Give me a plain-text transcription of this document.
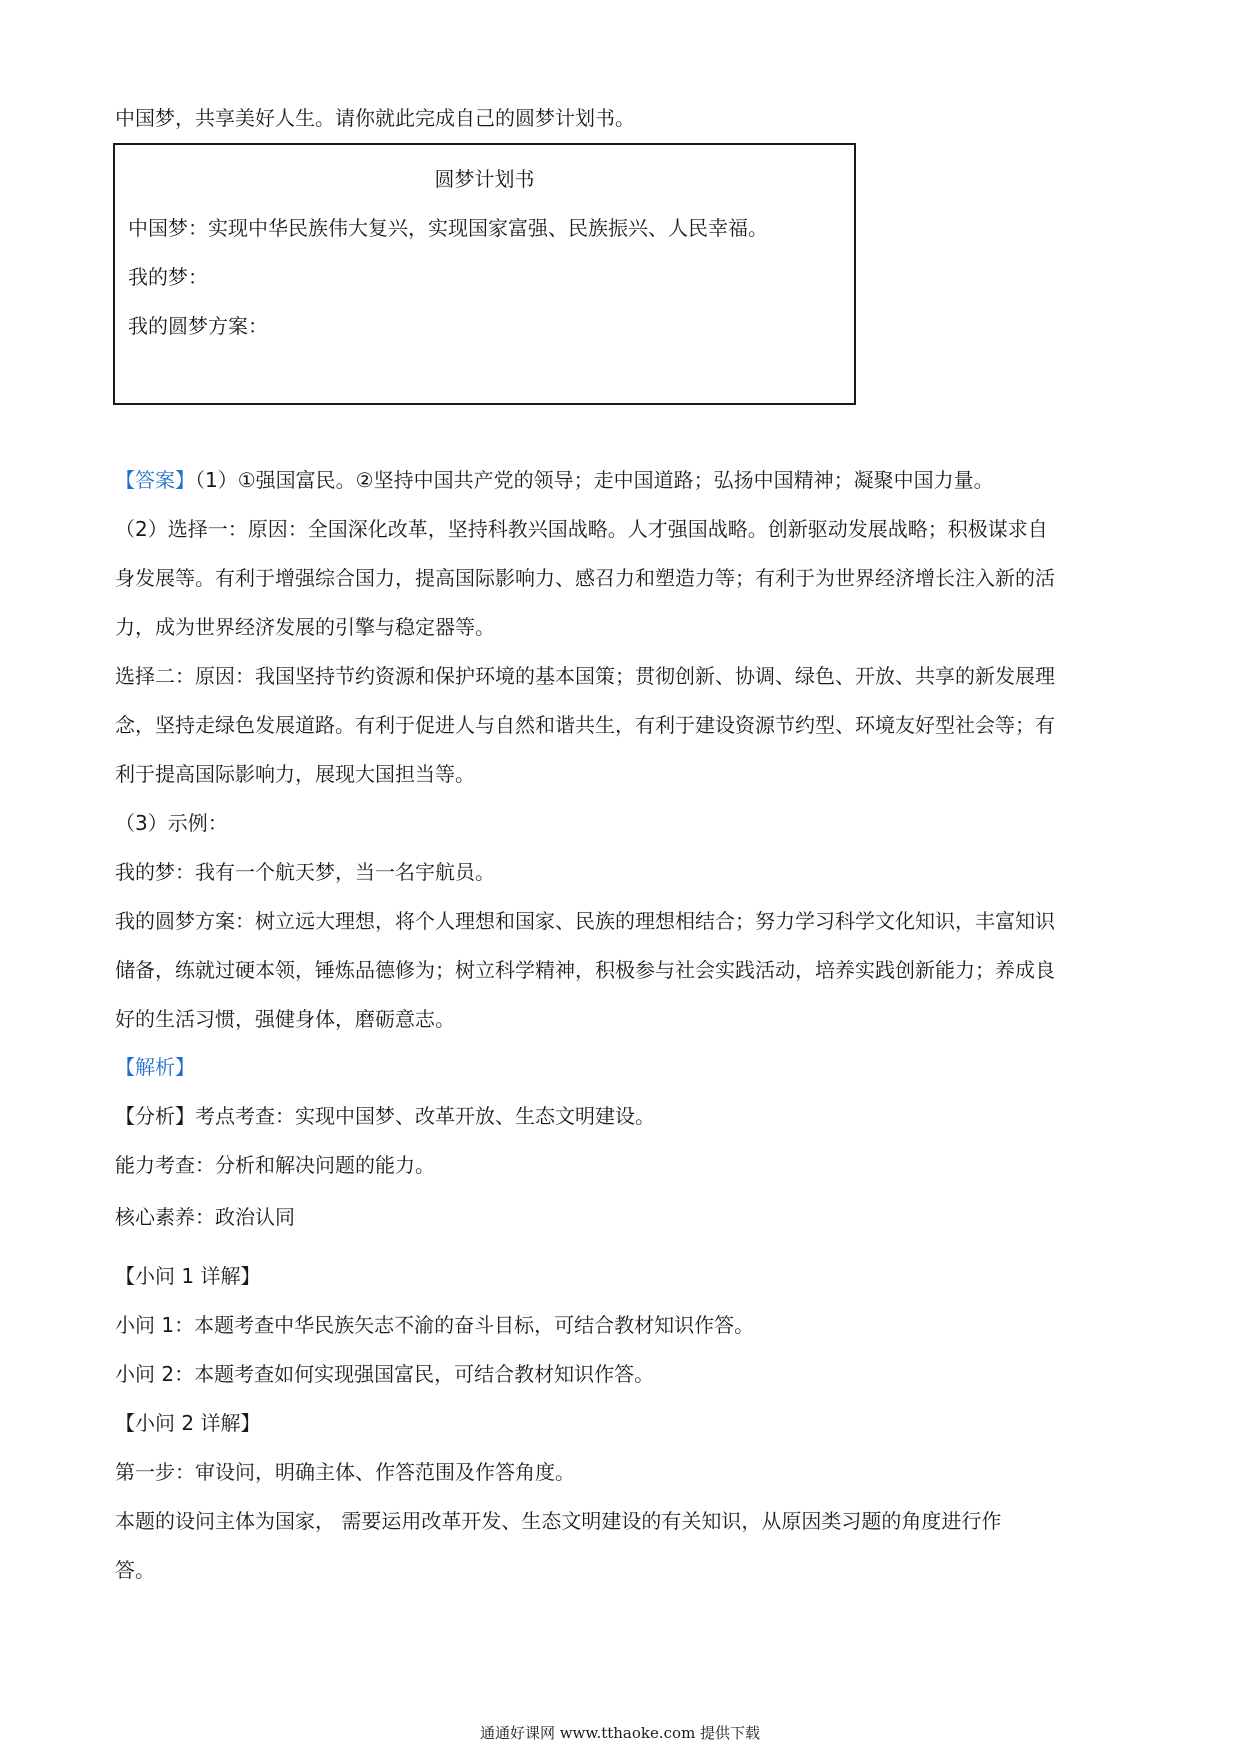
中国梦，共享美好人生。请你就此完成自己的圆梦计划书。
圆梦计划书
中国梦：实现中华民族伟大复兴，实现国家富强、民族振兴、人民幸福。
我的梦：
我的圆梦方案：
【答案】（1）①强国富民。②坚持中国共产党的领导；走中国道路；弘扬中国精神；凝聚中国力量。
（2）选择一：原因：全国深化改革，坚持科教兴国战略。人才强国战略。创新驱动发展战略；积极谋求自
身发展等。有利于增强综合国力，提高国际影响力、感召力和塑造力等；有利于为世界经济增长注入新的活
力，成为世界经济发展的引擎与稳定器等。
选择二：原因：我国坚持节约资源和保护环境的基本国策；贯彻创新、协调、绿色、开放、共享的新发展理
念，坚持走绿色发展道路。有利于促进人与自然和谐共生，有利于建设资源节约型、环境友好型社会等；有
利于提高国际影响力，展现大国担当等。
（3）示例：
我的梦：我有一个航天梦，当一名宇航员。
我的圆梦方案：树立远大理想，将个人理想和国家、民族的理想相结合；努力学习科学文化知识，丰富知识
储备，练就过硬本领，锤炼品德修为；树立科学精神，积极参与社会实践活动，培养实践创新能力；养成良
好的生活习惯，强健身体，磨砺意志。
【解析】
【分析】考点考查：实现中国梦、改革开放、生态文明建设。
能力考查：分析和解决问题的能力。
核心素养：政治认同
【小问 1 详解】
小问 1：本题考查中华民族矢志不渝的奋斗目标，可结合教材知识作答。
小问 2：本题考查如何实现强国富民，可结合教材知识作答。
【小问 2 详解】
第一步：审设问，明确主体、作答范围及作答角度。
本题的设问主体为国家， 需要运用改革开发、生态文明建设的有关知识，从原因类习题的角度进行作
答。
通通好课网 www.tthaoke.com 提供下载
